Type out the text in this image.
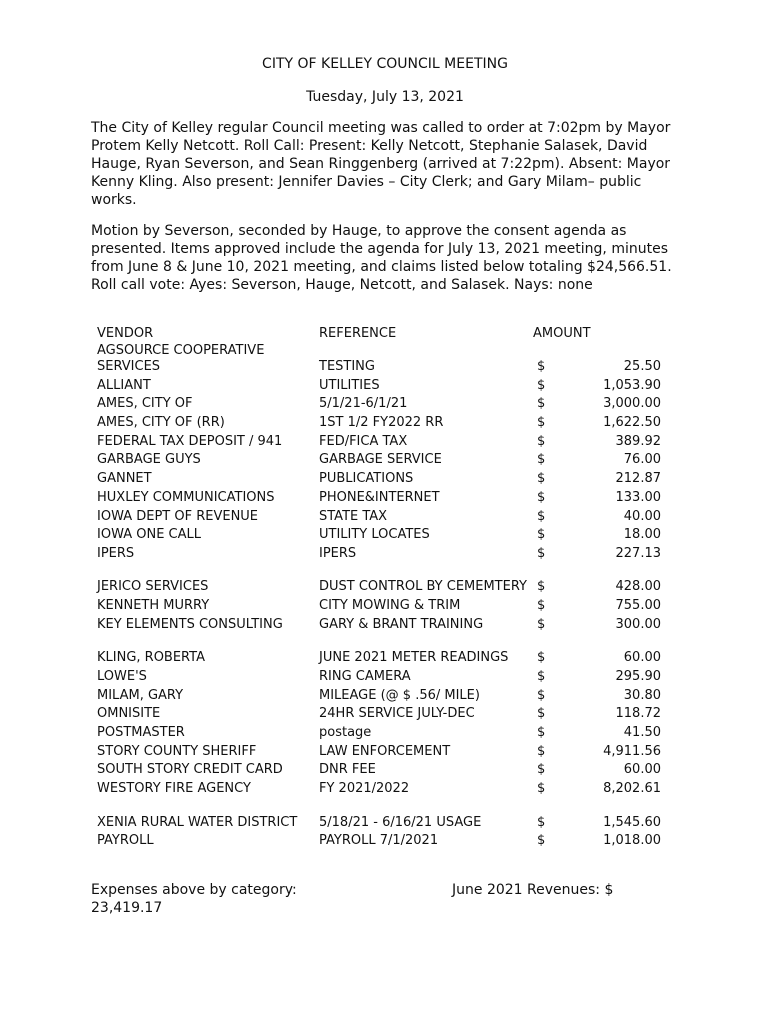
CITY OF KELLEY COUNCIL MEETING
Tuesday, July 13, 2021

The City of Kelley regular Council meeting was called to order at 7:02pm by Mayor Protem Kelly Netcott. Roll Call: Present: Kelly Netcott, Stephanie Salasek, David Hauge, Ryan Severson, and Sean Ringgenberg (arrived at 7:22pm). Absent: Mayor Kenny Kling. Also present: Jennifer Davies – City Clerk; and Gary Milam– public works.

Motion by Severson, seconded by Hauge, to approve the consent agenda as presented. Items approved include the agenda for July 13, 2021 meeting, minutes from June 8 & June 10, 2021 meeting, and claims listed below totaling $24,566.51. Roll call vote: Ayes: Severson, Hauge, Netcott, and Salasek. Nays: none

VENDOR	REFERENCE	AMOUNT
AGSOURCE COOPERATIVE SERVICES	TESTING	$	25.50
ALLIANT	UTILITIES	$	1,053.90
AMES, CITY OF	5/1/21-6/1/21	$	3,000.00
AMES, CITY OF (RR)	1ST 1/2 FY2022 RR	$	1,622.50
FEDERAL TAX DEPOSIT / 941	FED/FICA TAX	$	389.92
GARBAGE GUYS	GARBAGE SERVICE	$	76.00
GANNET	PUBLICATIONS	$	212.87
HUXLEY COMMUNICATIONS	PHONE&INTERNET	$	133.00
IOWA DEPT OF REVENUE	STATE TAX	$	40.00
IOWA ONE CALL	UTILITY LOCATES	$	18.00
IPERS	IPERS	$	227.13
JERICO SERVICES	DUST CONTROL BY CEMEMTERY $	428.00
KENNETH MURRY	CITY MOWING & TRIM	$	755.00
KEY ELEMENTS CONSULTING	GARY & BRANT TRAINING	$	300.00
KLING, ROBERTA	JUNE 2021 METER READINGS	$	60.00
LOWE'S	RING CAMERA	$	295.90
MILAM, GARY	MILEAGE (@ $ .56/ MILE)	$	30.80
OMNISITE	24HR SERVICE JULY-DEC	$	118.72
POSTMASTER	postage	$	41.50
STORY COUNTY SHERIFF	LAW ENFORCEMENT	$	4,911.56
SOUTH STORY CREDIT CARD	DNR FEE	$	60.00
WESTORY FIRE AGENCY	FY 2021/2022	$	8,202.61
XENIA RURAL WATER DISTRICT	5/18/21 - 6/16/21 USAGE	$	1,545.60
PAYROLL	PAYROLL 7/1/2021	$	1,018.00
Expenses above by category:	June 2021 Revenues: $
23,419.17
